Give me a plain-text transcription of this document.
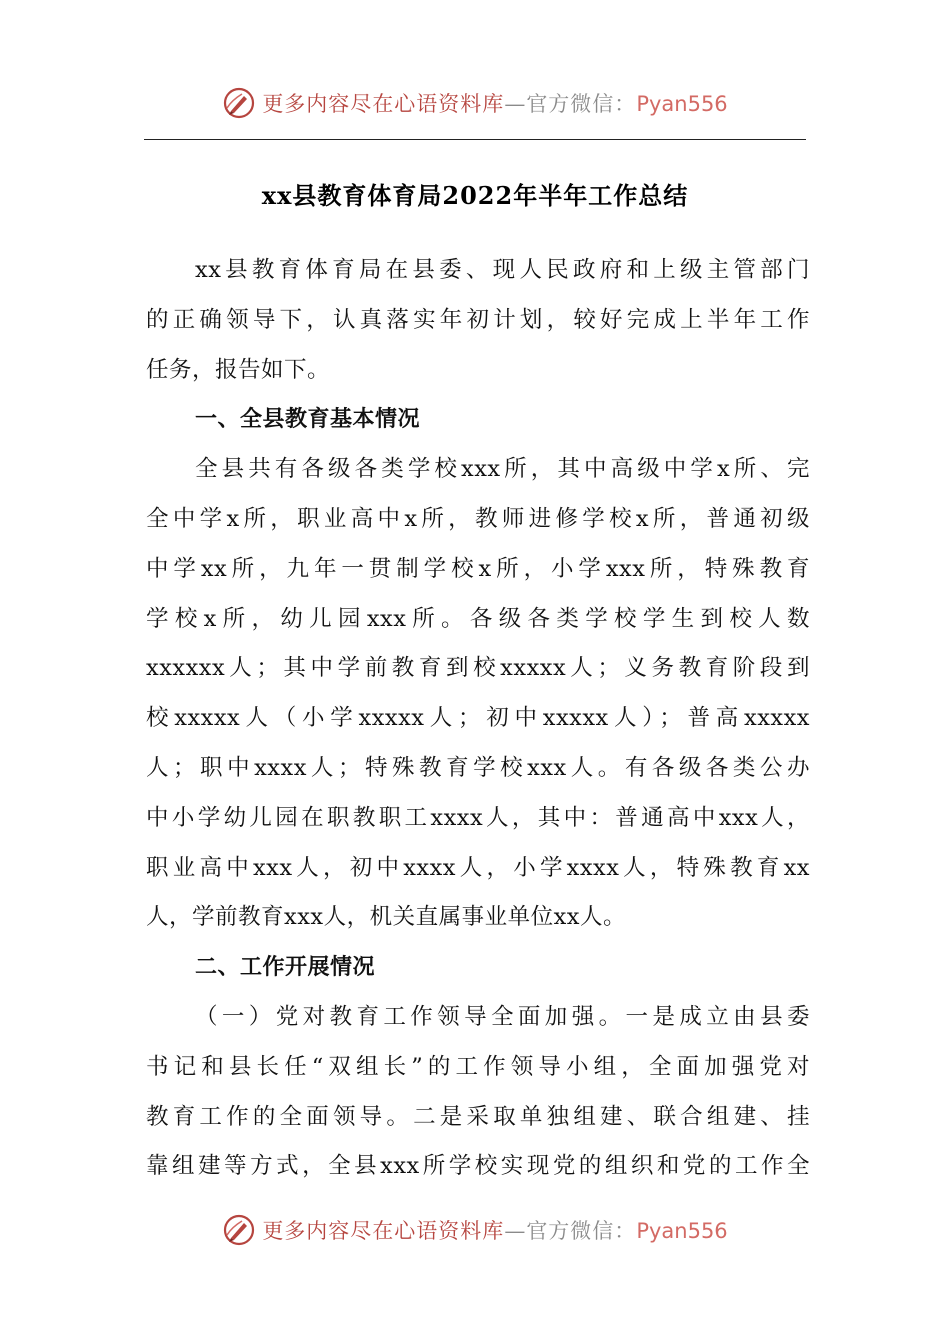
更多内容尽在心语资料库—官方微信：Pyan556
xx县教育体育局2022年半年工作总结
xx县教育体育局在县委、现人民政府和上级主管部门
的正确领导下，认真落实年初计划，较好完成上半年工作
任务，报告如下。
一、全县教育基本情况
全县共有各级各类学校xxx所，其中高级中学x所、完
全中学x所，职业高中x所，教师进修学校x所，普通初级
中学xx所，九年一贯制学校x所，小学xxx所，特殊教育
学校x所，幼儿园xxx所。各级各类学校学生到校人数
xxxxxx人；其中学前教育到校xxxxx人；义务教育阶段到
校xxxxx人（小学xxxxx人；初中xxxxx人）；普高xxxxx
人；职中xxxx人；特殊教育学校xxx人。有各级各类公办
中小学幼儿园在职教职工xxxx人，其中：普通高中xxx人，
职业高中xxx人，初中xxxx人，小学xxxx人，特殊教育xx
人，学前教育xxx人，机关直属事业单位xx人。
二、工作开展情况
（一）党对教育工作领导全面加强。一是成立由县委
书记和县长任“双组长”的工作领导小组，全面加强党对
教育工作的全面领导。二是采取单独组建、联合组建、挂
靠组建等方式，全县xxx所学校实现党的组织和党的工作全
更多内容尽在心语资料库—官方微信：Pyan556
